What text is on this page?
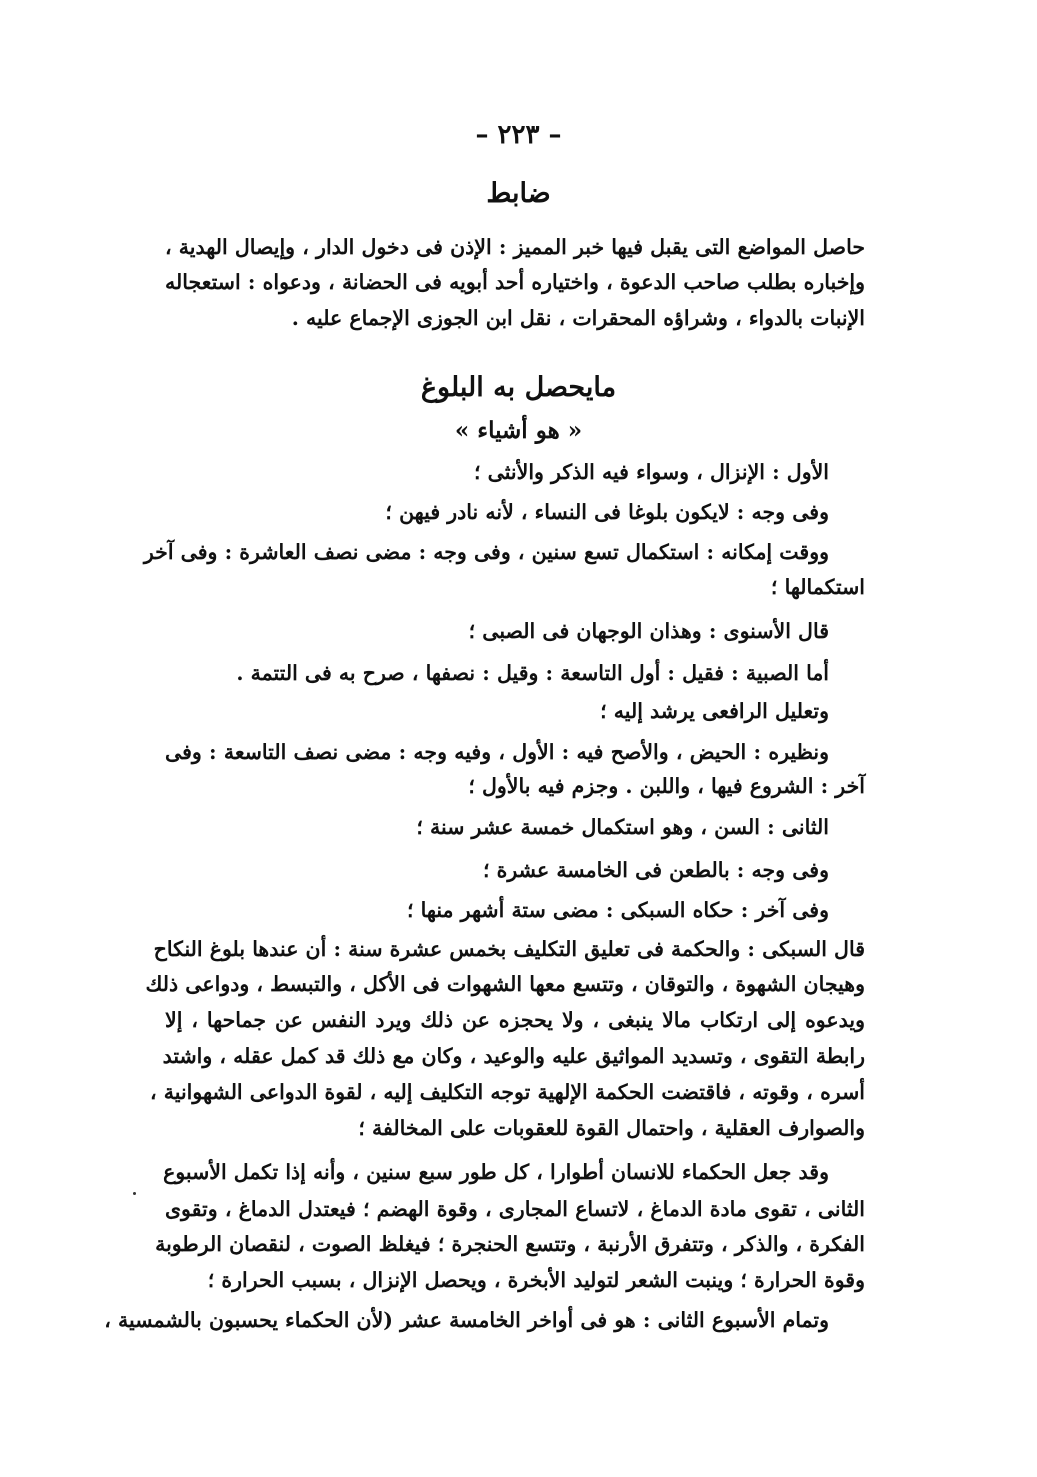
– ٢٢٣ –
ضابط
حاصل المواضع التى يقبل فيها خبر المميز : الإذن فى دخول الدار ، وإيصال الهدية ،
وإخباره بطلب صاحب الدعوة ، واختياره أحد أبويه فى الحضانة ، ودعواه : استعجاله
الإنبات بالدواء ، وشراؤه المحقرات ، نقل ابن الجوزى الإجماع عليه .
مايحصل به البلوغ
« هو أشياء »
الأول : الإنزال ، وسواء فيه الذكر والأنثى ؛
وفى وجه : لايكون بلوغا فى النساء ، لأنه نادر فيهن ؛
ووقت إمكانه : استكمال تسع سنين ، وفى وجه : مضى نصف العاشرة : وفى آخر
استكمالها ؛
قال الأسنوى : وهذان الوجهان فى الصبى ؛
أما الصبية : فقيل : أول التاسعة : وقيل : نصفها ، صرح به فى التتمة .
وتعليل الرافعى يرشد إليه ؛
ونظيره : الحيض ، والأصح فيه : الأول ، وفيه وجه : مضى نصف التاسعة : وفى
آخر : الشروع فيها ، واللبن . وجزم فيه بالأول ؛
الثانى : السن ، وهو استكمال خمسة عشر سنة ؛
وفى وجه : بالطعن فى الخامسة عشرة ؛
وفى آخر : حكاه السبكى : مضى ستة أشهر منها ؛
قال السبكى : والحكمة فى تعليق التكليف بخمس عشرة سنة : أن عندها بلوغ النكاح
وهيجان الشهوة ، والتوقان ، وتتسع معها الشهوات فى الأكل ، والتبسط ، ودواعى ذلك
ويدعوه إلى ارتكاب مالا ينبغى ، ولا يحجزه عن ذلك ويرد النفس عن جماحها ، إلا
رابطة التقوى ، وتسديد المواثيق عليه والوعيد ، وكان مع ذلك قد كمل عقله ، واشتد
أسره ، وقوته ، فاقتضت الحكمة الإلهية توجه التكليف إليه ، لقوة الدواعى الشهوانية ،
والصوارف العقلية ، واحتمال القوة للعقوبات على المخالفة ؛
وقد جعل الحكماء للانسان أطوارا ، كل طور سبع سنين ، وأنه إذا تكمل الأسبوع
الثانى ، تقوى مادة الدماغ ، لاتساع المجارى ، وقوة الهضم ؛ فيعتدل الدماغ ، وتقوى
الفكرة ، والذكر ، وتتفرق الأرنبة ، وتتسع الحنجرة ؛ فيغلظ الصوت ، لنقصان الرطوبة
وقوة الحرارة ؛ وينبت الشعر لتوليد الأبخرة ، ويحصل الإنزال ، بسبب الحرارة ؛
وتمام الأسبوع الثانى : هو فى أواخر الخامسة عشر (لأن الحكماء يحسبون بالشمسية ،
